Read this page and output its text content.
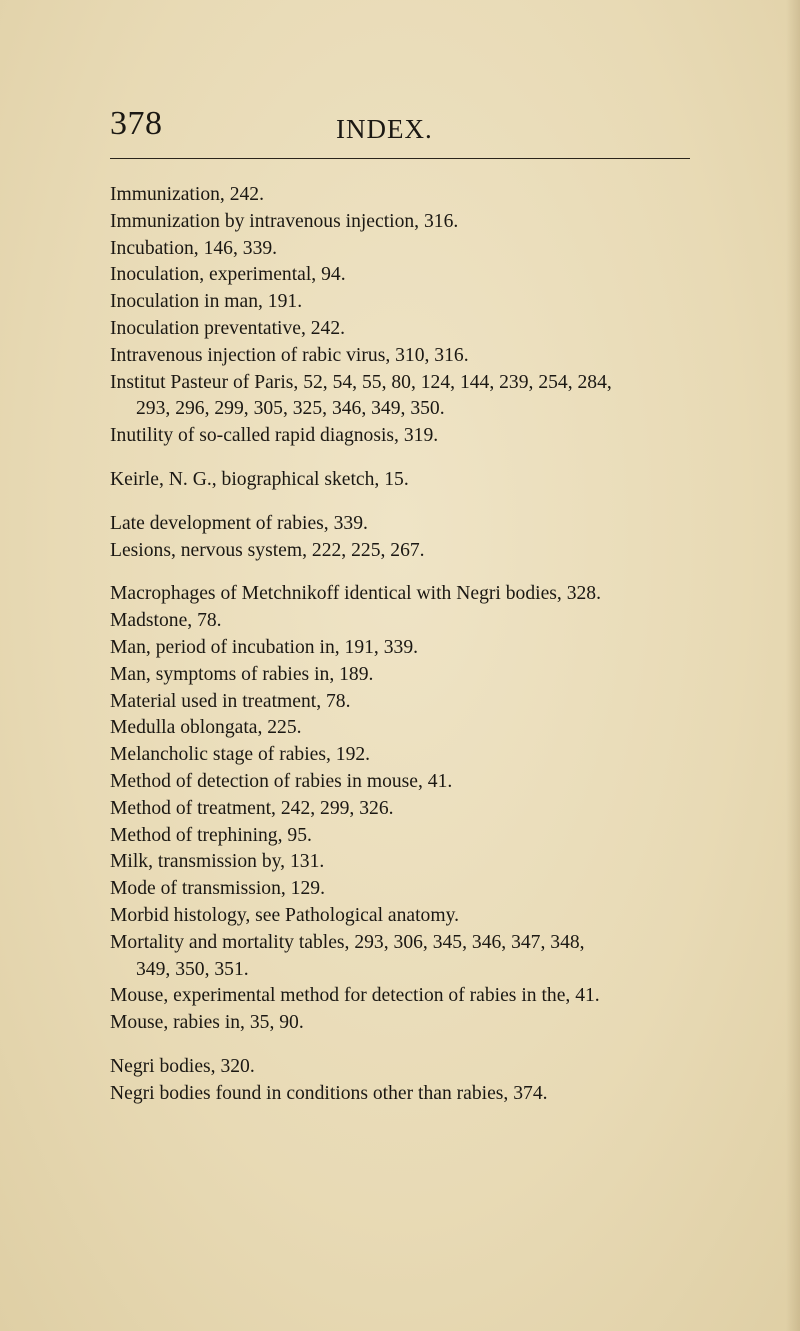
378	INDEX.
Immunization, 242.
Immunization by intravenous injection, 316.
Incubation, 146, 339.
Inoculation, experimental, 94.
Inoculation in man, 191.
Inoculation preventative, 242.
Intravenous injection of rabic virus, 310, 316.
Institut Pasteur of Paris, 52, 54, 55, 80, 124, 144, 239, 254, 284,
293, 296, 299, 305, 325, 346, 349, 350.
Inutility of so-called rapid diagnosis, 319.
Keirle, N. G., biographical sketch, 15.
Late development of rabies, 339.
Lesions, nervous system, 222, 225, 267.
Macrophages of Metchnikoff identical with Negri bodies, 328.
Madstone, 78.
Man, period of incubation in, 191, 339.
Man, symptoms of rabies in, 189.
Material used in treatment, 78.
Medulla oblongata, 225.
Melancholic stage of rabies, 192.
Method of detection of rabies in mouse, 41.
Method of treatment, 242, 299, 326.
Method of trephining, 95.
Milk, transmission by, 131.
Mode of transmission, 129.
Morbid histology, see Pathological anatomy.
Mortality and mortality tables, 293, 306, 345, 346, 347, 348,
349, 350, 351.
Mouse, experimental method for detection of rabies in the, 41.
Mouse, rabies in, 35, 90.
Negri bodies, 320.
Negri bodies found in conditions other than rabies, 374.
